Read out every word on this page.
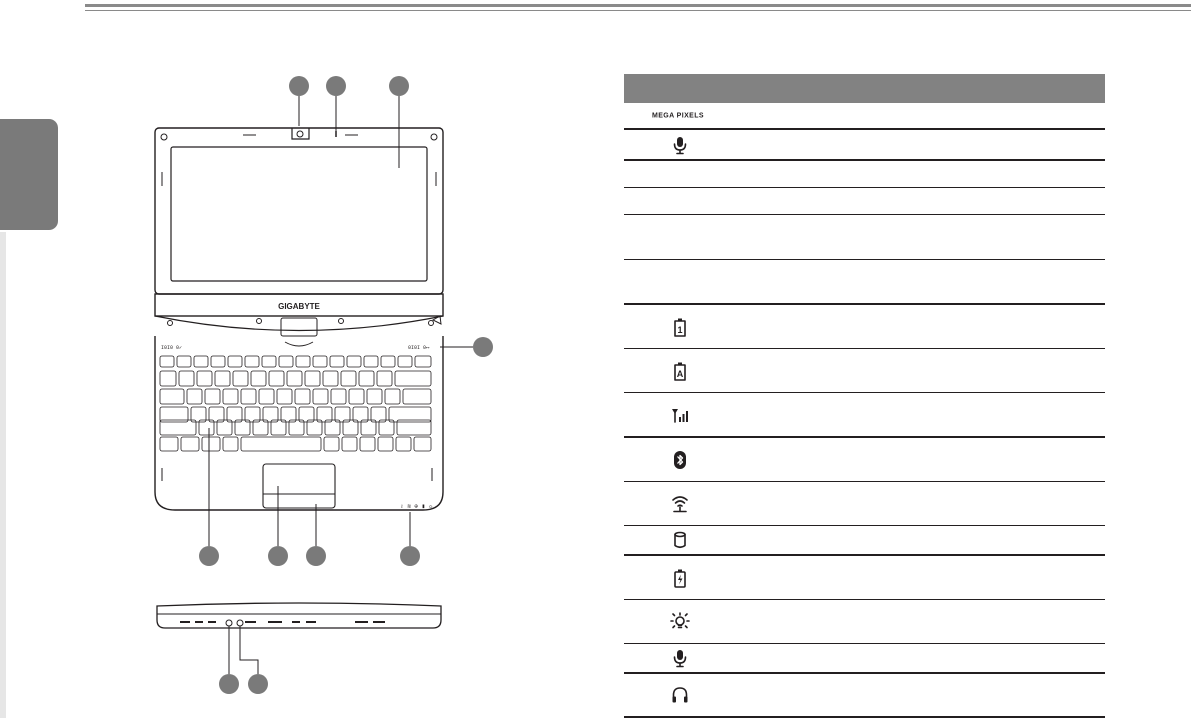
GIGABYTE
I0I0 0✓	0I0I 0⟷
♀ ≋ ⊕ ▮ ☼
MEGA PIXELS
1
A
